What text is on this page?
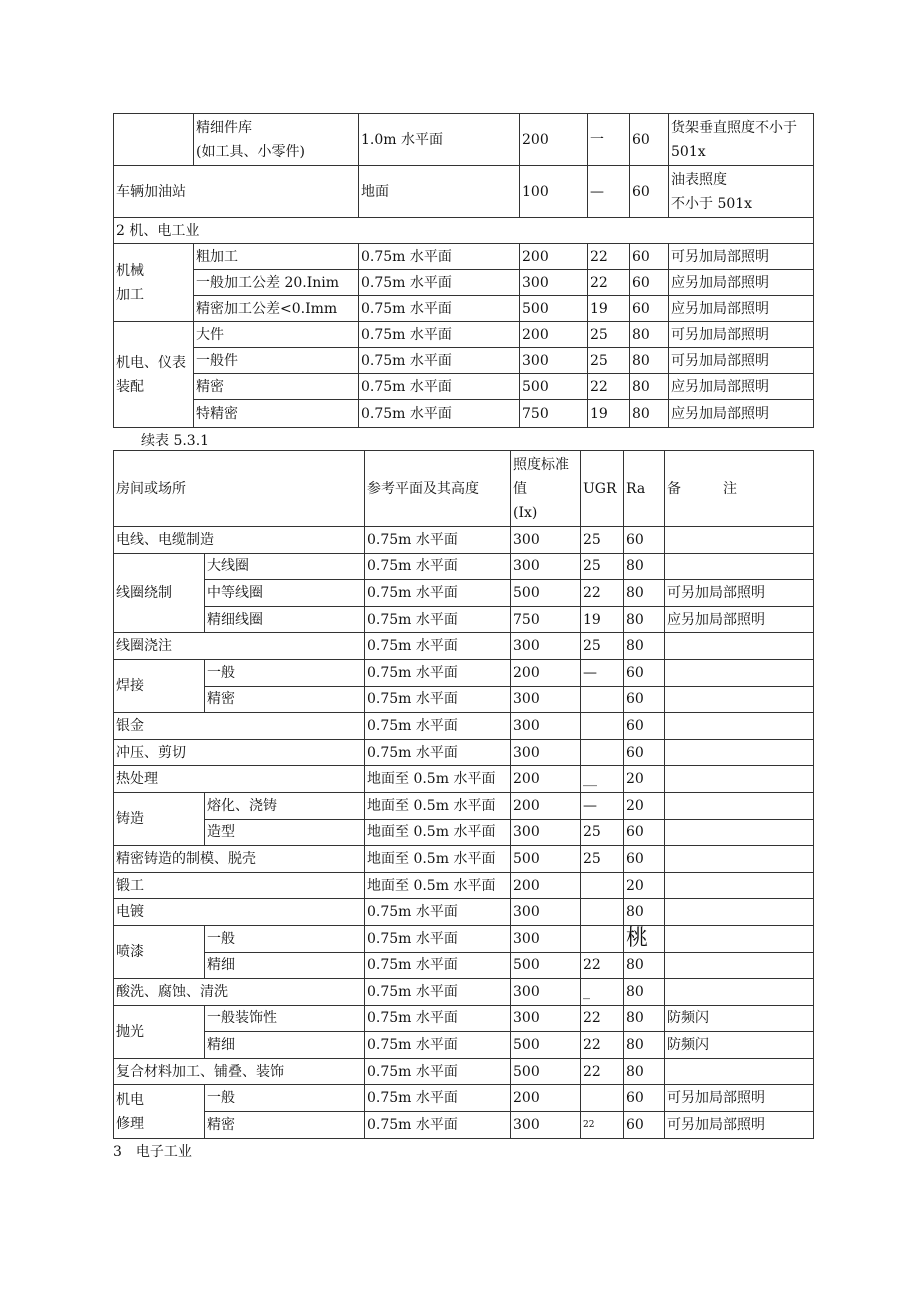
	精细件库
(如工具、小零件)	1.0m 水平面	200	一	60	货架垂直照度不小于501x
车辆加油站		地面	100	—	60	油表照度
不小于 501x
2 机、电工业						
机械
加工	粗加工	0.75m 水平面	200	22	60	可另加局部照明
	一般加工公差 20.Inim	0.75m 水平面	300	22	60	应另加局部照明
	精密加工公差<0.Imm	0.75m 水平面	500	19	60	应另加局部照明
机电、仪表
装配	大件	0.75m 水平面	200	25	80	可另加局部照明
	一般件	0.75m 水平面	300	25	80	可另加局部照明
	精密	0.75m 水平面	500	22	80	应另加局部照明
	特精密	0.75m 水平面	750	19	80	应另加局部照明
续表 5.3.1
房间或场所		参考平面及其高度	照度标准值
(Ix)	UGR	Ra	备　　　注
电线、电缆制造		0.75m 水平面	300	25	60	
线圈绕制	大线圈	0.75m 水平面	300	25	80	
	中等线圈	0.75m 水平面	500	22	80	可另加局部照明
	精细线圈	0.75m 水平面	750	19	80	应另加局部照明
线圈浇注		0.75m 水平面	300	25	80	
焊接	一般	0.75m 水平面	200	—	60	
	精密	0.75m 水平面	300		60	
银金		0.75m 水平面	300		60	
冲压、剪切		0.75m 水平面	300		60	
热处理		地面至 0.5m 水平面	200	__	20	
铸造	熔化、浇铸	地面至 0.5m 水平面	200	—	20	
	造型	地面至 0.5m 水平面	300	25	60	
精密铸造的制模、脱壳		地面至 0.5m 水平面	500	25	60	
锻工		地面至 0.5m 水平面	200		20	
电镀		0.75m 水平面	300		80	
喷漆	一般	0.75m 水平面	300		桃	
	精细	0.75m 水平面	500	22	80	
酸洗、腐蚀、清洗		0.75m 水平面	300	_	80	
抛光	一般装饰性	0.75m 水平面	300	22	80	防频闪
	精细	0.75m 水平面	500	22	80	防频闪
复合材料加工、铺叠、装饰		0.75m 水平面	500	22	80	
机电
修理	一般	0.75m 水平面	200		60	可另加局部照明
	精密	0.75m 水平面	300	22	60	可另加局部照明
3　电子工业
